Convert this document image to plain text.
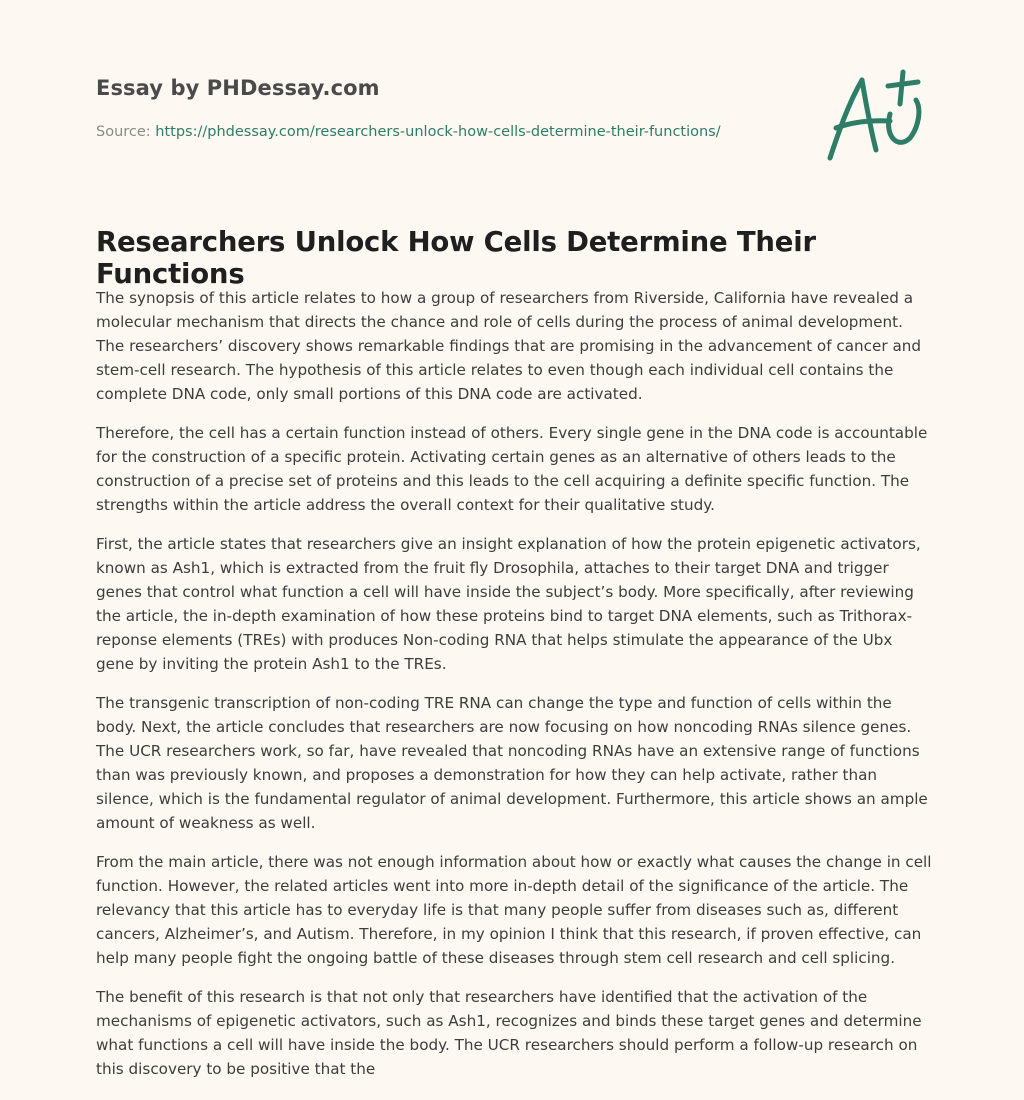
Essay by PHDessay.com
Source: https://phdessay.com/researchers-unlock-how-cells-determine-their-functions/
Researchers Unlock How Cells Determine Their Functions

The synopsis of this article relates to how a group of researchers from Riverside, California have revealed a molecular mechanism that directs the chance and role of cells during the process of animal development. The researchers’ discovery shows remarkable findings that are promising in the advancement of cancer and stem-cell research. The hypothesis of this article relates to even though each individual cell contains the complete DNA code, only small portions of this DNA code are activated.

Therefore, the cell has a certain function instead of others. Every single gene in the DNA code is accountable for the construction of a specific protein. Activating certain genes as an alternative of others leads to the construction of a precise set of proteins and this leads to the cell acquiring a definite specific function. The strengths within the article address the overall context for their qualitative study.

First, the article states that researchers give an insight explanation of how the protein epigenetic activators, known as Ash1, which is extracted from the fruit fly Drosophila, attaches to their target DNA and trigger genes that control what function a cell will have inside the subject’s body. More specifically, after reviewing the article, the in-depth examination of how these proteins bind to target DNA elements, such as Trithorax-reponse elements (TREs) with produces Non-coding RNA that helps stimulate the appearance of the Ubx gene by inviting the protein Ash1 to the TREs.

The transgenic transcription of non-coding TRE RNA can change the type and function of cells within the body. Next, the article concludes that researchers are now focusing on how noncoding RNAs silence genes. The UCR researchers work, so far, have revealed that noncoding RNAs have an extensive range of functions than was previously known, and proposes a demonstration for how they can help activate, rather than silence, which is the fundamental regulator of animal development. Furthermore, this article shows an ample amount of weakness as well.

From the main article, there was not enough information about how or exactly what causes the change in cell function. However, the related articles went into more in-depth detail of the significance of the article. The relevancy that this article has to everyday life is that many people suffer from diseases such as, different cancers, Alzheimer’s, and Autism. Therefore, in my opinion I think that this research, if proven effective, can help many people fight the ongoing battle of these diseases through stem cell research and cell splicing.

The benefit of this research is that not only that researchers have identified that the activation of the mechanisms of epigenetic activators, such as Ash1, recognizes and binds these target genes and determine what functions a cell will have inside the body. The UCR researchers should perform a follow-up research on this discovery to be positive that the
